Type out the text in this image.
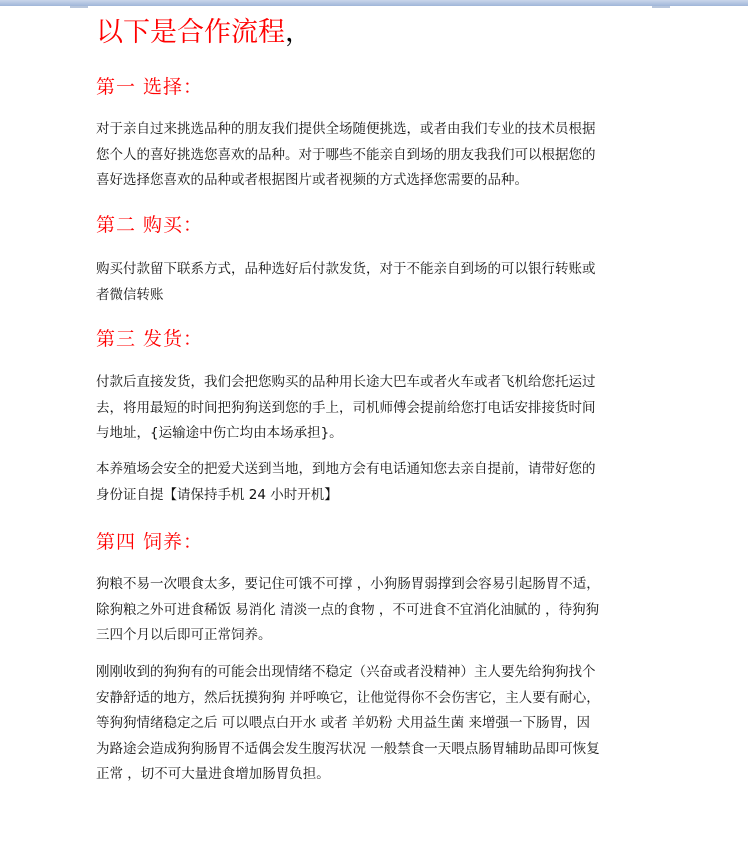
以下是合作流程，
第一 选择：
对于亲自过来挑选品种的朋友我们提供全场随便挑选，或者由我们专业的技术员根据
您个人的喜好挑选您喜欢的品种。对于哪些不能亲自到场的朋友我我们可以根据您的
喜好选择您喜欢的品种或者根据图片或者视频的方式选择您需要的品种。
第二 购买：
购买付款留下联系方式，品种选好后付款发货，对于不能亲自到场的可以银行转账或
者微信转账
第三 发货：
付款后直接发货，我们会把您购买的品种用长途大巴车或者火车或者飞机给您托运过
去，将用最短的时间把狗狗送到您的手上，司机师傅会提前给您打电话安排接货时间
与地址，{运输途中伤亡均由本场承担}。
本养殖场会安全的把爱犬送到当地，到地方会有电话通知您去亲自提前，请带好您的
身份证自提【请保持手机 24 小时开机】
第四 饲养：
狗粮不易一次喂食太多，要记住可饿不可撑 ，小狗肠胃弱撑到会容易引起肠胃不适，
除狗粮之外可进食稀饭 易消化 清淡一点的食物 ，不可进食不宜消化油腻的 ，待狗狗
三四个月以后即可正常饲养。
刚刚收到的狗狗有的可能会出现情绪不稳定（兴奋或者没精神）主人要先给狗狗找个
安静舒适的地方，然后抚摸狗狗 并呼唤它，让他觉得你不会伤害它，主人要有耐心，
等狗狗情绪稳定之后 可以喂点白开水 或者 羊奶粉 犬用益生菌 来增强一下肠胃，因
为路途会造成狗狗肠胃不适偶会发生腹泻状况 一般禁食一天喂点肠胃辅助品即可恢复
正常 ，切不可大量进食增加肠胃负担。
